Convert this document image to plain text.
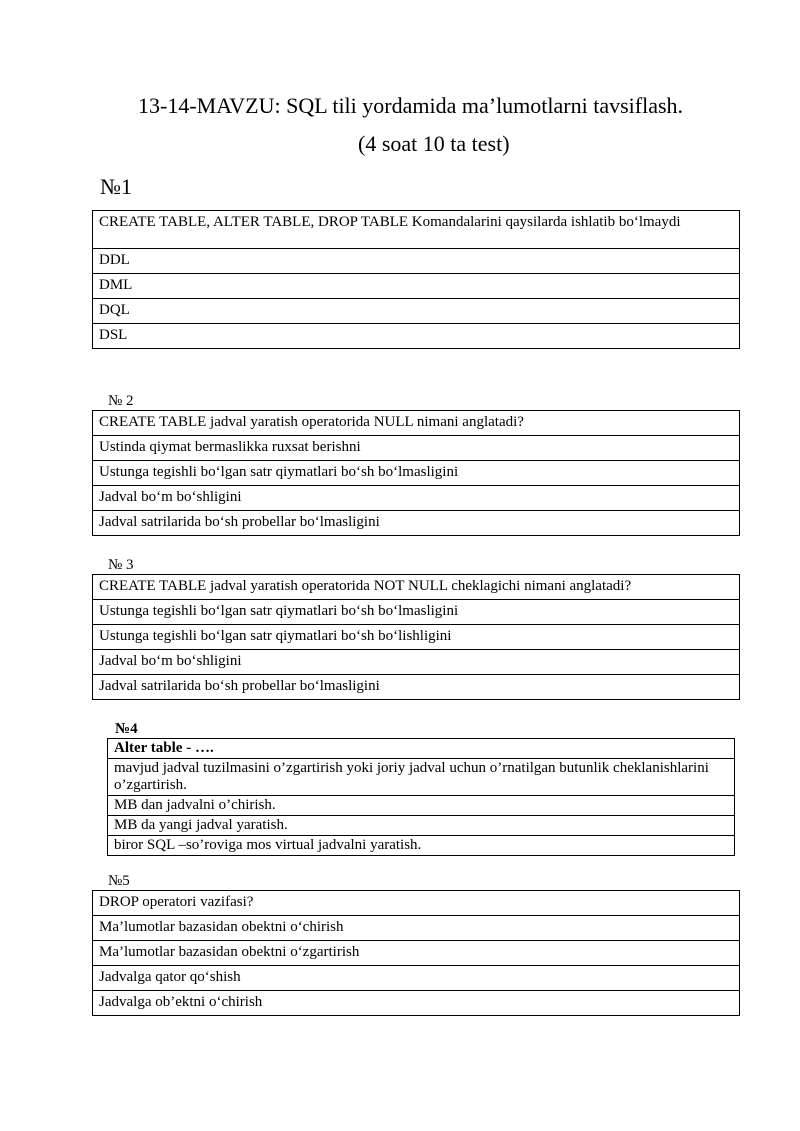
13-14-MAVZU: SQL tili yordamida ma’lumotlarni tavsiflash.
(4 soat 10 ta test)
№1
CREATE TABLE, ALTER TABLE, DROP TABLE Komandalarini qaysilarda ishlatib bo‘lmaydi
DDL
DML
DQL
DSL
№ 2
CREATE TABLE jadval yaratish operatorida NULL nimani anglatadi?
Ustinda qiymat bermaslikka ruxsat berishni
Ustunga tegishli bo‘lgan satr qiymatlari bo‘sh bo‘lmasligini
Jadval bo‘m bo‘shligini
Jadval satrilarida bo‘sh probellar bo‘lmasligini
№ 3
CREATE TABLE jadval yaratish operatorida NOT NULL cheklagichi nimani anglatadi?
Ustunga tegishli bo‘lgan satr qiymatlari bo‘sh bo‘lmasligini
Ustunga tegishli bo‘lgan satr qiymatlari bo‘sh bo‘lishligini
Jadval bo‘m bo‘shligini
Jadval satrilarida bo‘sh probellar bo‘lmasligini
№4
Alter table - ….
mavjud jadval tuzilmasini o’zgartirish yoki joriy jadval uchun o’rnatilgan butunlik cheklanishlarini o’zgartirish.
MB dan jadvalni o’chirish.
MB da yangi jadval yaratish.
biror SQL –so’roviga mos virtual jadvalni yaratish.
№5
DROP operatori vazifasi?
Ma’lumotlar bazasidan obektni o‘chirish
Ma’lumotlar bazasidan obektni o‘zgartirish
Jadvalga qator qo‘shish
Jadvalga ob’ektni o‘chirish
